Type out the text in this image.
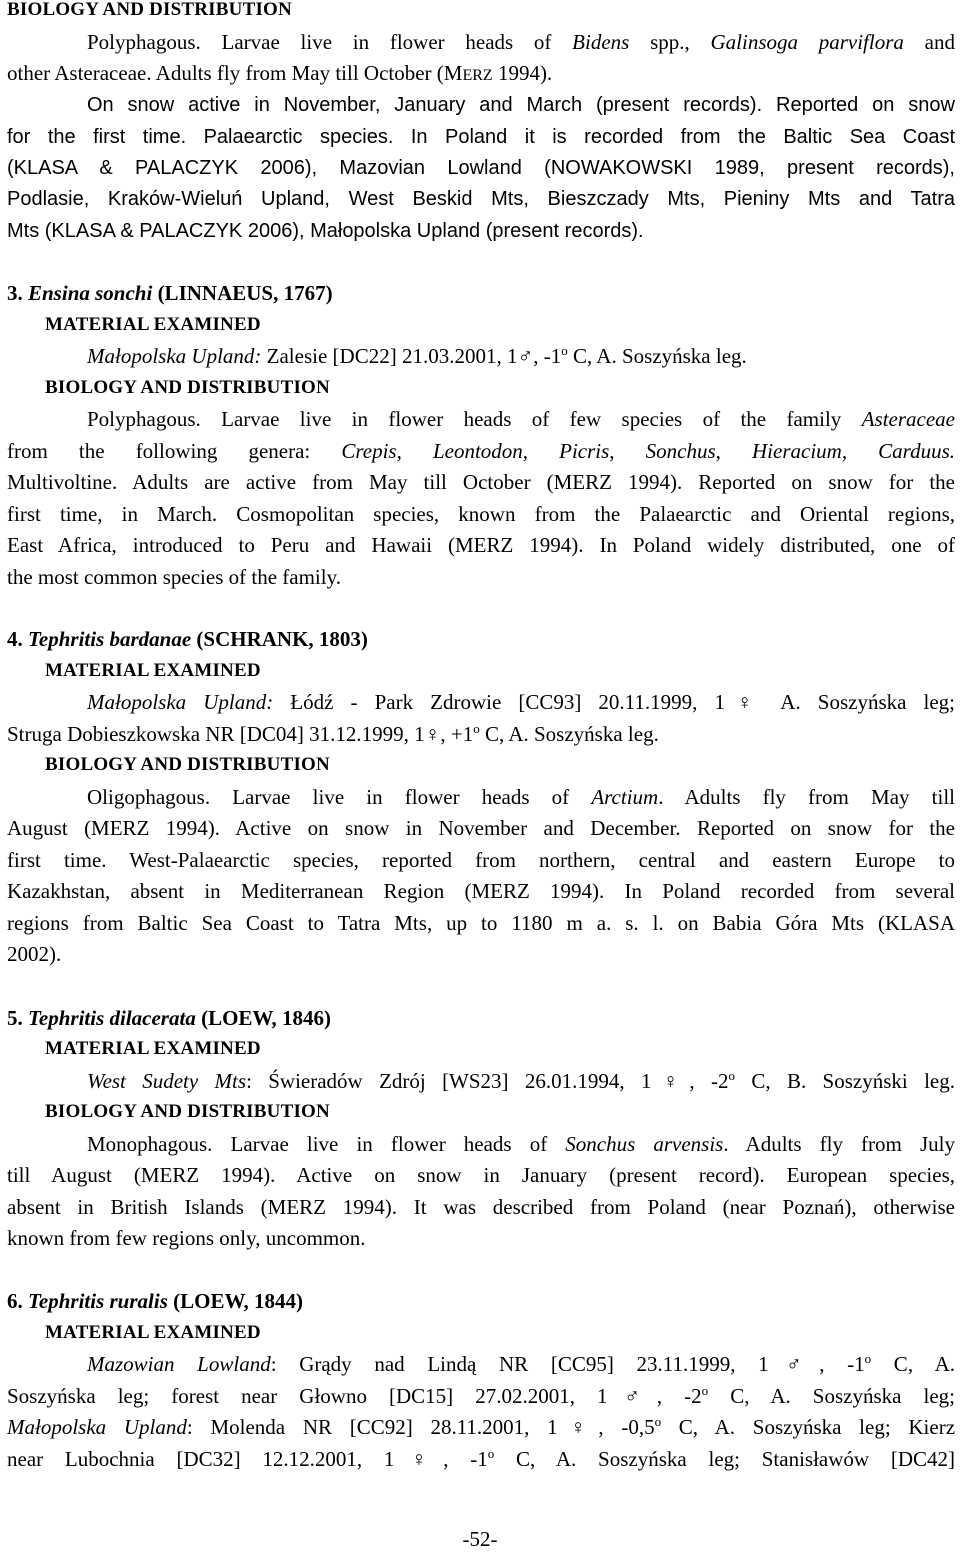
BIOLOGY AND DISTRIBUTION
Polyphagous. Larvae live in flower heads of Bidens spp., Galinsoga parviflora and
other Asteraceae. Adults fly from May till October (MERZ 1994).
On snow active in November, January and March (present records). Reported on snow
for the first time. Palaearctic species. In Poland it is recorded from the Baltic Sea Coast
(KLASA & PALACZYK 2006), Mazovian Lowland (NOWAKOWSKI 1989, present records),
Podlasie, Kraków-Wieluń Upland, West Beskid Mts, Bieszczady Mts, Pieniny Mts and Tatra
Mts (KLASA & PALACZYK 2006), Małopolska Upland (present records).
3. Ensina sonchi (LINNAEUS, 1767)
MATERIAL EXAMINED
Małopolska Upland: Zalesie [DC22] 21.03.2001, 1♂, -1$^o$ C, A. Soszyńska leg.
BIOLOGY AND DISTRIBUTION
Polyphagous. Larvae live in flower heads of few species of the family Asteraceae
from the following genera: Crepis, Leontodon, Picris, Sonchus, Hieracium, Carduus.
Multivoltine. Adults are active from May till October (MERZ 1994). Reported on snow for the
first time, in March. Cosmopolitan species, known from the Palaearctic and Oriental regions,
East Africa, introduced to Peru and Hawaii (MERZ 1994). In Poland widely distributed, one of
the most common species of the family.
4. Tephritis bardanae (SCHRANK, 1803)
MATERIAL EXAMINED
Małopolska Upland: Łódź - Park Zdrowie [CC93] 20.11.1999, 1♀ A. Soszyńska leg;
Struga Dobieszkowska NR [DC04] 31.12.1999, 1♀, $+1^o$ C, A. Soszyńska leg.
BIOLOGY AND DISTRIBUTION
Oligophagous. Larvae live in flower heads of Arctium. Adults fly from May till
August (MERZ 1994). Active on snow in November and December. Reported on snow for the
first time. West-Palaearctic species, reported from northern, central and eastern Europe to
Kazakhstan, absent in Mediterranean Region (MERZ 1994). In Poland recorded from several
regions from Baltic Sea Coast to Tatra Mts, up to 1180 m a. s. l. on Babia Góra Mts (KLASA
2002).
5. Tephritis dilacerata (LOEW, 1846)
MATERIAL EXAMINED
West Sudety Mts: Świeradów Zdrój [WS23] 26.01.1994, 1♀, -2$^o$ C, B. Soszyński leg.
BIOLOGY AND DISTRIBUTION
Monophagous. Larvae live in flower heads of Sonchus arvensis. Adults fly from July
till August (MERZ 1994). Active on snow in January (present record). European species,
absent in British Islands (MERZ 1994). It was described from Poland (near Poznań), otherwise
known from few regions only, uncommon.
6. Tephritis ruralis (LOEW, 1844)
MATERIAL EXAMINED
Mazowian Lowland: Grądy nad Lindą NR [CC95] 23.11.1999, 1♂, -1$^o$ C, A.
Soszyńska leg; forest near Głowno [DC15] 27.02.2001, 1♂, -2$^o$ C, A. Soszyńska leg;
Małopolska Upland: Molenda NR [CC92] 28.11.2001, 1♀, -0,5$^o$ C, A. Soszyńska leg; Kierz
near Lubochnia [DC32] 12.12.2001, 1♀, -1$^o$ C, A. Soszyńska leg; Stanisławów [DC42]
-52-
